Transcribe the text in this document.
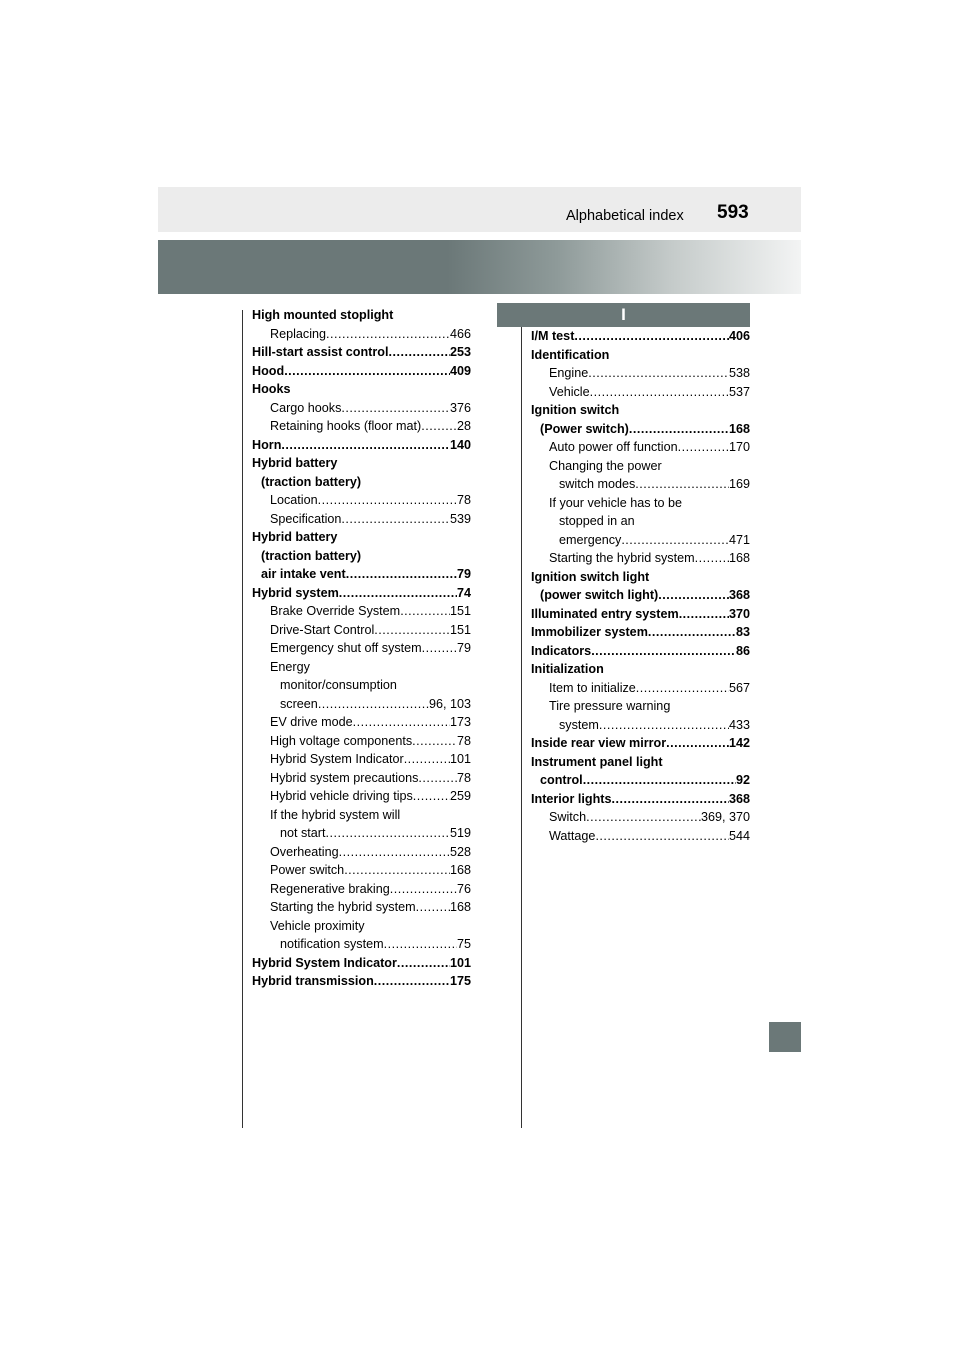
Alphabetical index 593
I
High mounted stoplight
Replacing .....	466
Hill-start assist control .....	253
Hood .....	409
Hooks
Cargo hooks .....	376
Retaining hooks (floor mat) .....	28
Horn .....	140
Hybrid battery
(traction battery)
Location .....	78
Specification .....	539
Hybrid battery
(traction battery)
air intake vent .....	79
Hybrid system .....	74
Brake Override System .....	151
Drive-Start Control .....	151
Emergency shut off system .....	79
Energy
monitor/consumption
screen .....	96, 103
EV drive mode .....	173
High voltage components .....	78
Hybrid System Indicator .....	101
Hybrid system precautions .....	78
Hybrid vehicle driving tips .....	259
If the hybrid system will
not start .....	519
Overheating .....	528
Power switch .....	168
Regenerative braking .....	76
Starting the hybrid system .....	168
Vehicle proximity
notification system .....	75
Hybrid System Indicator .....	101
Hybrid transmission .....	175
I/M test .....	406
Identification
Engine .....	538
Vehicle .....	537
Ignition switch
(Power switch) .....	168
Auto power off function .....	170
Changing the power
switch modes .....	169
If your vehicle has to be
stopped in an
emergency .....	471
Starting the hybrid system .....	168
Ignition switch light
(power switch light) .....	368
Illuminated entry system .....	370
Immobilizer system .....	83
Indicators .....	86
Initialization
Item to initialize .....	567
Tire pressure warning
system .....	433
Inside rear view mirror .....	142
Instrument panel light
control .....	92
Interior lights .....	368
Switch .....	369, 370
Wattage .....	544
